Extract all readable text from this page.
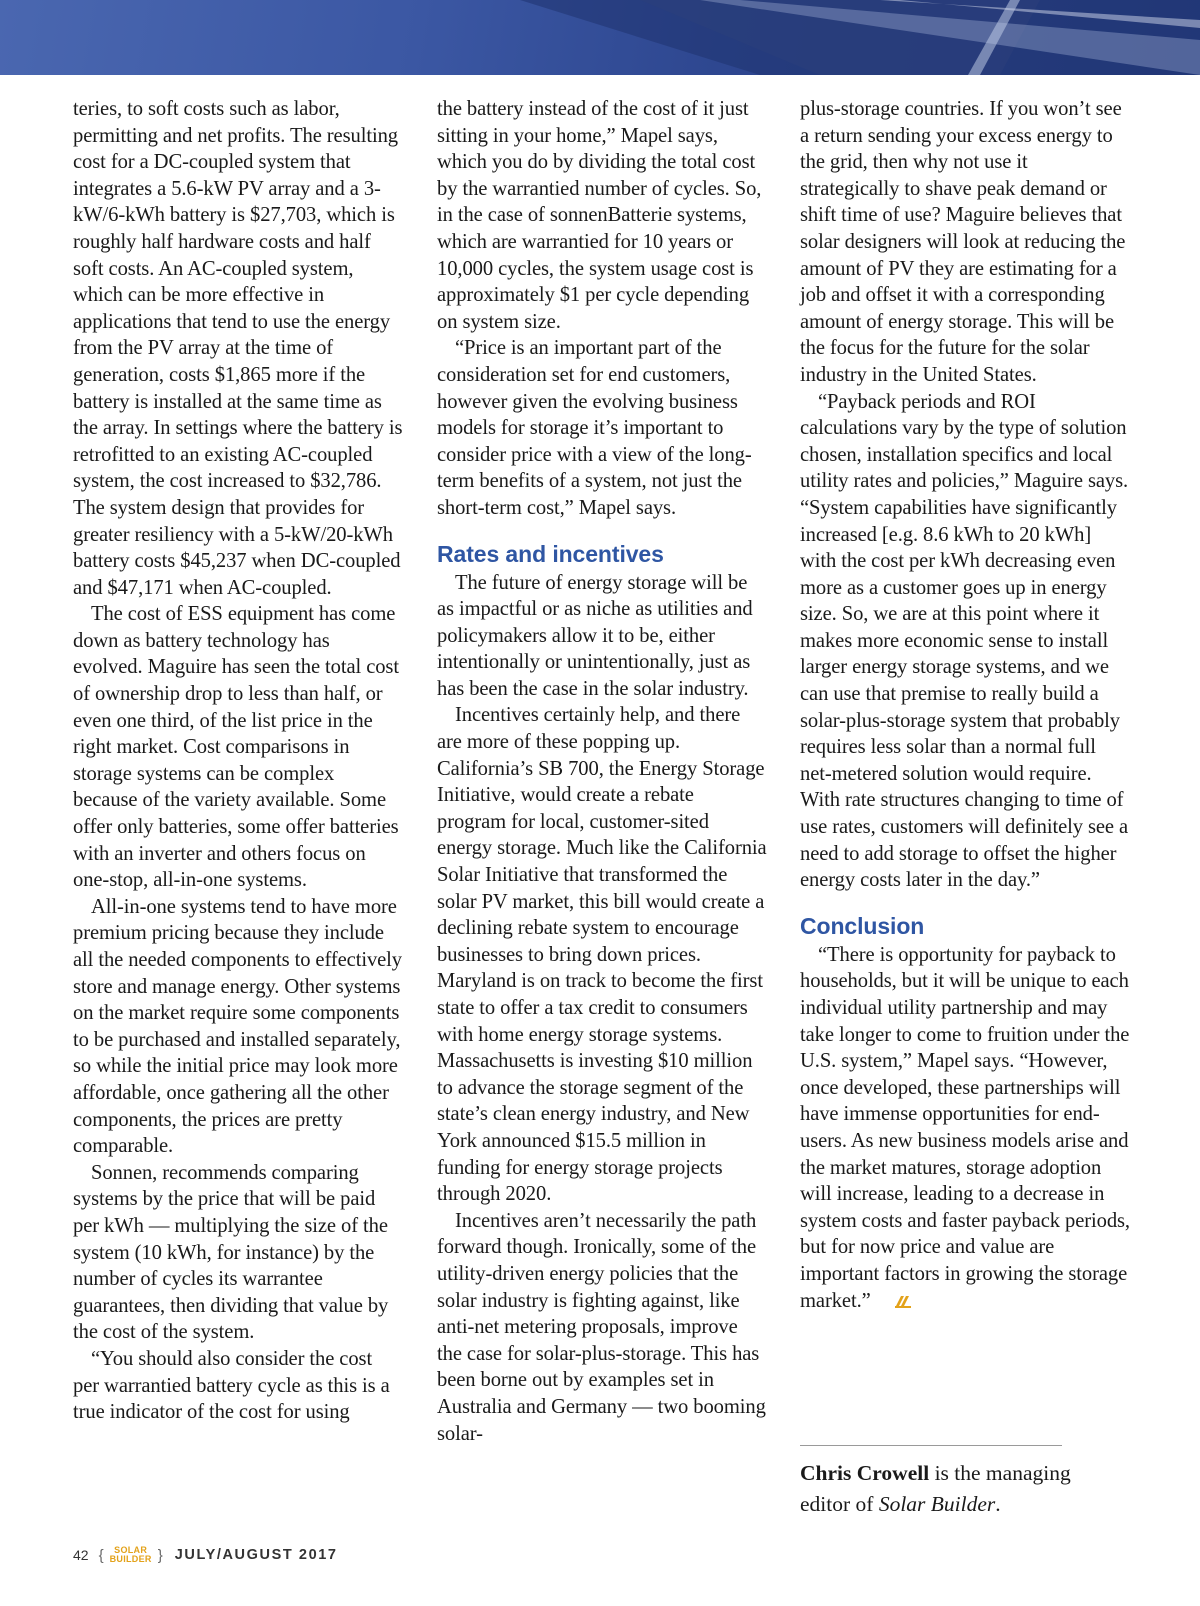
teries, to soft costs such as labor, permitting and net profits. The resulting cost for a DC-coupled system that integrates a 5.6-kW PV array and a 3-kW/6-kWh battery is $27,703, which is roughly half hardware costs and half soft costs. An AC-coupled system, which can be more effective in applications that tend to use the energy from the PV array at the time of generation, costs $1,865 more if the battery is installed at the same time as the array. In settings where the battery is retrofitted to an existing AC-coupled system, the cost increased to $32,786. The system design that provides for greater resiliency with a 5-kW/20-kWh battery costs $45,237 when DC-coupled and $47,171 when AC-coupled.

The cost of ESS equipment has come down as battery technology has evolved. Maguire has seen the total cost of ownership drop to less than half, or even one third, of the list price in the right market. Cost comparisons in storage systems can be complex because of the variety available. Some offer only batteries, some offer batteries with an inverter and others focus on one-stop, all-in-one systems.

All-in-one systems tend to have more premium pricing because they include all the needed components to effectively store and manage energy. Other systems on the market require some components to be purchased and installed separately, so while the initial price may look more affordable, once gathering all the other components, the prices are pretty comparable.

Sonnen, recommends comparing systems by the price that will be paid per kWh — multiplying the size of the system (10 kWh, for instance) by the number of cycles its warrantee guarantees, then dividing that value by the cost of the system.

“You should also consider the cost per warrantied battery cycle as this is a true indicator of the cost for using

the battery instead of the cost of it just sitting in your home,” Mapel says, which you do by dividing the total cost by the warrantied number of cycles. So, in the case of sonnenBatterie systems, which are warrantied for 10 years or 10,000 cycles, the system usage cost is approximately $1 per cycle depending on system size.

“Price is an important part of the consideration set for end customers, however given the evolving business models for storage it’s important to consider price with a view of the long-term benefits of a system, not just the short-term cost,” Mapel says.

Rates and incentives

The future of energy storage will be as impactful or as niche as utilities and policymakers allow it to be, either intentionally or unintentionally, just as has been the case in the solar industry.

Incentives certainly help, and there are more of these popping up. California’s SB 700, the Energy Storage Initiative, would create a rebate program for local, customer-sited energy storage. Much like the California Solar Initiative that transformed the solar PV market, this bill would create a declining rebate system to encourage businesses to bring down prices. Maryland is on track to become the first state to offer a tax credit to consumers with home energy storage systems. Massachusetts is investing $10 million to advance the storage segment of the state’s clean energy industry, and New York announced $15.5 million in funding for energy storage projects through 2020.

Incentives aren’t necessarily the path forward though. Ironically, some of the utility-driven energy policies that the solar industry is fighting against, like anti-net metering proposals, improve the case for solar-plus-storage. This has been borne out by examples set in Australia and Germany — two booming solar-

plus-storage countries. If you won’t see a return sending your excess energy to the grid, then why not use it strategically to shave peak demand or shift time of use? Maguire believes that solar designers will look at reducing the amount of PV they are estimating for a job and offset it with a corresponding amount of energy storage. This will be the focus for the future for the solar industry in the United States.

“Payback periods and ROI calculations vary by the type of solution chosen, installation specifics and local utility rates and policies,” Maguire says. “System capabilities have significantly increased [e.g. 8.6 kWh to 20 kWh] with the cost per kWh decreasing even more as a customer goes up in energy size. So, we are at this point where it makes more economic sense to install larger energy storage systems, and we can use that premise to really build a solar-plus-storage system that probably requires less solar than a normal full net-metered solution would require. With rate structures changing to time of use rates, customers will definitely see a need to add storage to offset the higher energy costs later in the day.”

Conclusion

“There is opportunity for payback to households, but it will be unique to each individual utility partnership and may take longer to come to fruition under the U.S. system,” Mapel says. “However, once developed, these partnerships will have immense opportunities for end-users. As new business models arise and the market matures, storage adoption will increase, leading to a decrease in system costs and faster payback periods, but for now price and value are important factors in growing the storage market.”

Chris Crowell is the managing editor of Solar Builder.
42 { SOLAR
BUILDER } JULY/AUGUST 2017
